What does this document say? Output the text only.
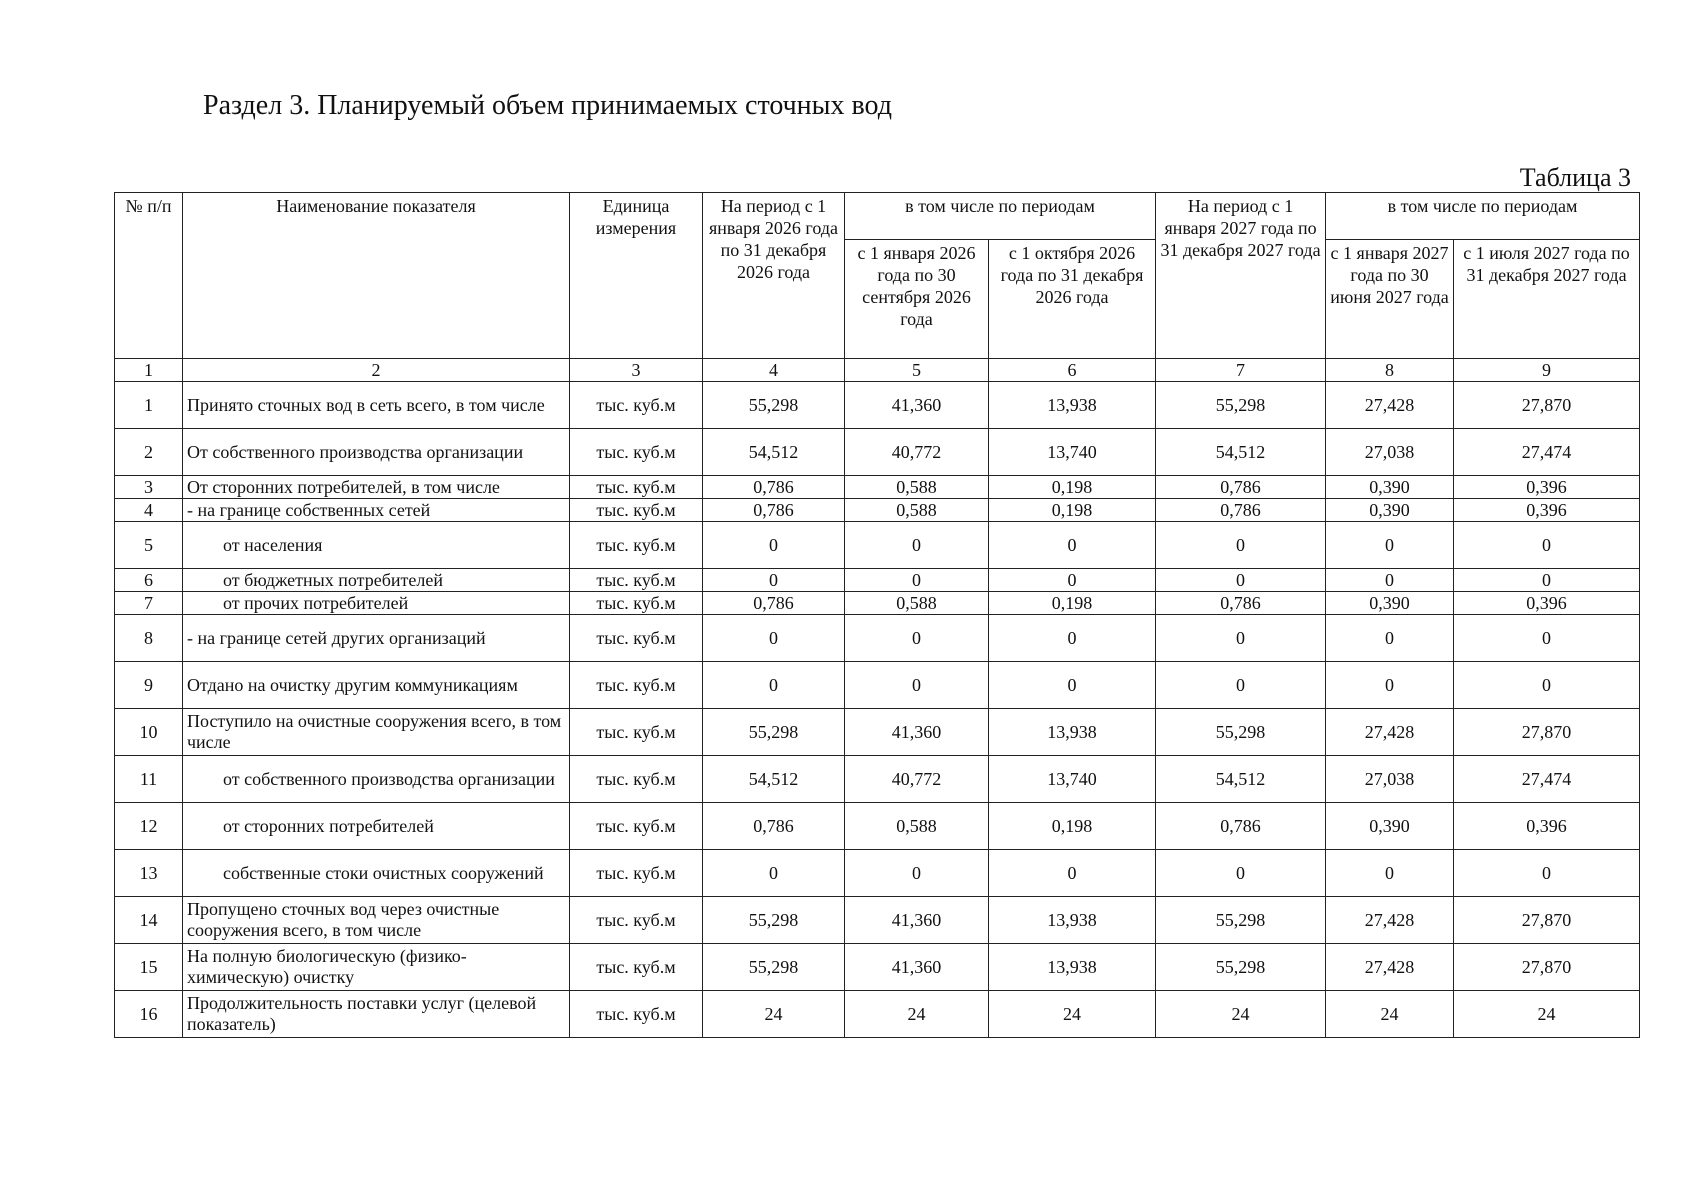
Раздел 3. Планируемый объем принимаемых сточных вод
Таблица 3
№ п/п	Наименование показателя	Единица измерения	На период с 1 января 2026 года по 31 декабря 2026 года	в том числе по периодам		На период с 1 января 2027 года по 31 декабря 2027 года	в том числе по периодам	
				с 1 января 2026 года по 30 сентября 2026 года	с 1 октября 2026 года по 31 декабря 2026 года		с 1 января 2027 года по 30 июня 2027 года	с 1 июля 2027 года по 31 декабря 2027 года
1	2	3	4	5	6	7	8	9
1	Принято сточных вод в сеть всего, в том числе	тыс. куб.м	55,298	41,360	13,938	55,298	27,428	27,870
2	От собственного производства организации	тыс. куб.м	54,512	40,772	13,740	54,512	27,038	27,474
3	От сторонних потребителей, в том числе	тыс. куб.м	0,786	0,588	0,198	0,786	0,390	0,396
4	- на границе собственных сетей	тыс. куб.м	0,786	0,588	0,198	0,786	0,390	0,396
5	от населения	тыс. куб.м	0	0	0	0	0	0
6	от бюджетных потребителей	тыс. куб.м	0	0	0	0	0	0
7	от прочих потребителей	тыс. куб.м	0,786	0,588	0,198	0,786	0,390	0,396
8	- на границе сетей других организаций	тыс. куб.м	0	0	0	0	0	0
9	Отдано на очистку другим коммуникациям	тыс. куб.м	0	0	0	0	0	0
10	Поступило на очистные сооружения всего, в том числе	тыс. куб.м	55,298	41,360	13,938	55,298	27,428	27,870
11	от собственного производства организации	тыс. куб.м	54,512	40,772	13,740	54,512	27,038	27,474
12	от сторонних потребителей	тыс. куб.м	0,786	0,588	0,198	0,786	0,390	0,396
13	собственные стоки очистных сооружений	тыс. куб.м	0	0	0	0	0	0
14	Пропущено сточных вод через очистные сооружения всего, в том числе	тыс. куб.м	55,298	41,360	13,938	55,298	27,428	27,870
15	На полную биологическую (физико-химическую) очистку	тыс. куб.м	55,298	41,360	13,938	55,298	27,428	27,870
16	Продолжительность поставки услуг (целевой показатель)	тыс. куб.м	24	24	24	24	24	24
